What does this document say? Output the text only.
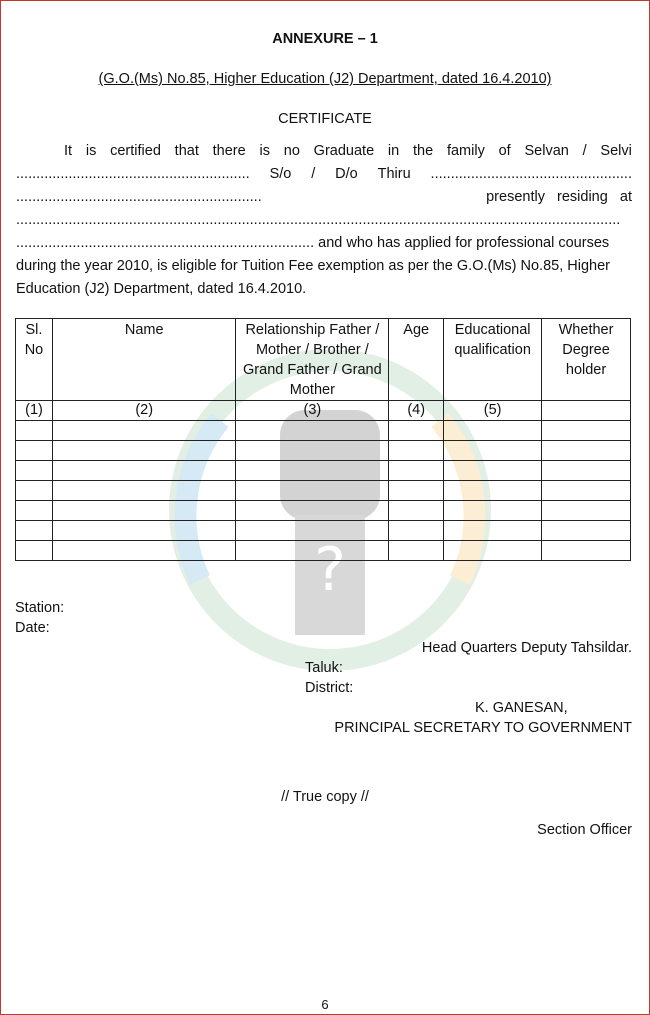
?
ANNEXURE – 1
(G.O.(Ms) No.85, Higher Education (J2) Department, dated 16.4.2010)
CERTIFICATE
It is certified that there is no Graduate in the family of Selvan / Selvi
.......................................................... S/o / D/o Thiru ..................................................
.............................................................	presently   residing   at
......................................................................................................................................................
.......................................................................... and who has applied for professional courses
during the year 2010, is eligible for Tuition Fee exemption as per the G.O.(Ms) No.85, Higher
Education (J2) Department, dated 16.4.2010.
Sl. No	Name	Relationship Father / Mother / Brother / Grand Father / Grand Mother	Age	Educational qualification	Whether Degree holder
(1)	(2)	(3)	(4)	(5)	

Station:
Date:
Head Quarters Deputy Tahsildar.
Taluk:
District:
K. GANESAN,
PRINCIPAL SECRETARY TO GOVERNMENT
// True copy //
Section Officer
6
